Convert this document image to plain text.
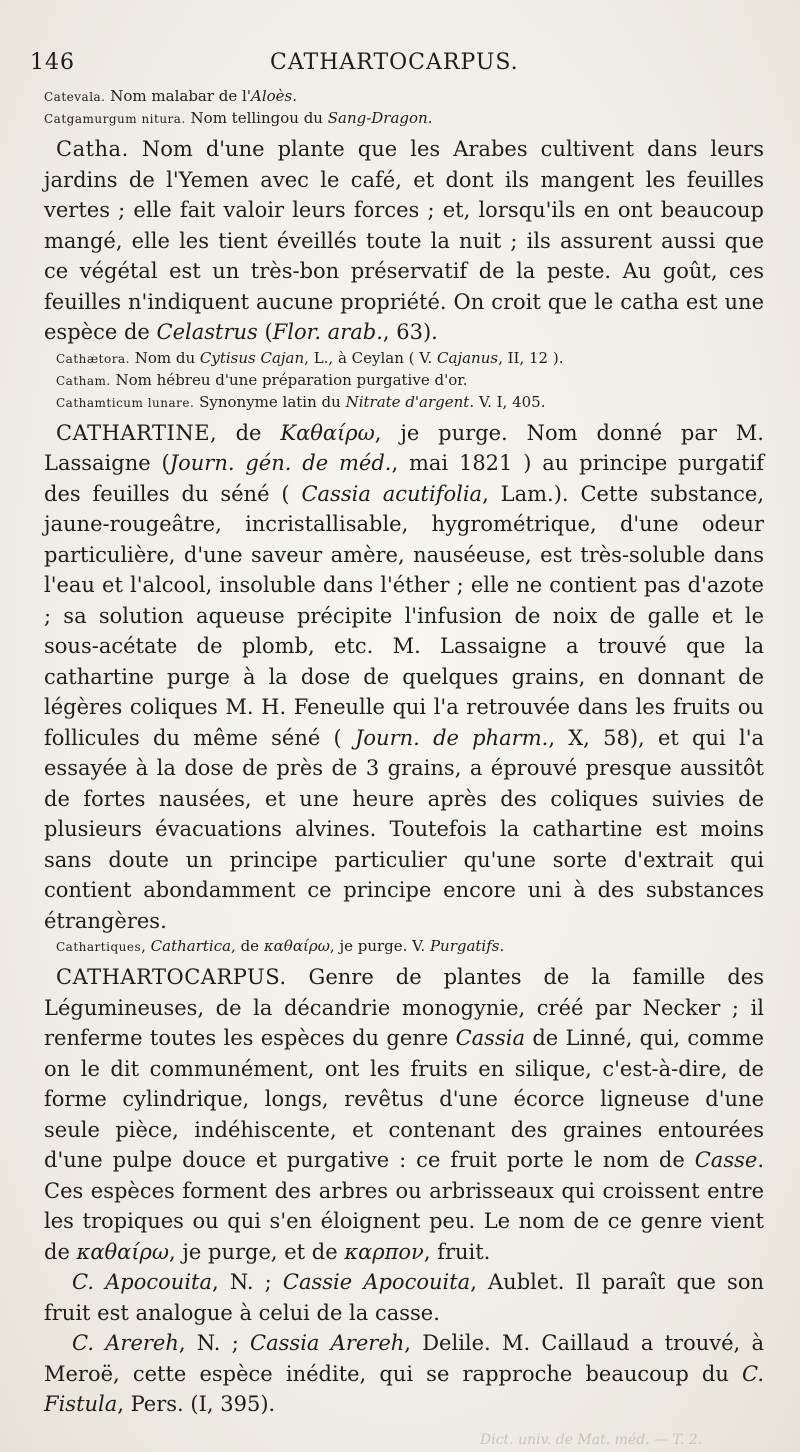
146	CATHARTOCARPUS.

Catevala. Nom malabar de l'Aloès.

Catgamurgum nitura. Nom tellingou du Sang-Dragon.

Catha. Nom d'une plante que les Arabes cultivent dans leurs jardins de l'Yemen avec le café, et dont ils mangent les feuilles vertes ; elle fait valoir leurs forces ; et, lorsqu'ils en ont beaucoup mangé, elle les tient éveillés toute la nuit ; ils assurent aussi que ce végétal est un très-bon préservatif de la peste. Au goût, ces feuilles n'indiquent aucune propriété. On croit que le catha est une espèce de Celastrus (Flor. arab., 63).

Cathætora. Nom du Cytisus Cajan, L., à Ceylan ( V. Cajanus, II, 12 ).

Catham. Nom hébreu d'une préparation purgative d'or.

Cathamticum lunare. Synonyme latin du Nitrate d'argent. V. I, 405.

CATHARTINE, de Καθαίρω, je purge. Nom donné par M. Lassaigne (Journ. gén. de méd., mai 1821 ) au principe purgatif des feuilles du séné ( Cassia acutifolia, Lam.). Cette substance, jaune-rougeâtre, incristallisable, hygrométrique, d'une odeur particulière, d'une saveur amère, nauséeuse, est très-soluble dans l'eau et l'alcool, insoluble dans l'éther ; elle ne contient pas d'azote ; sa solution aqueuse précipite l'infusion de noix de galle et le sous-acétate de plomb, etc. M. Lassaigne a trouvé que la cathartine purge à la dose de quelques grains, en donnant de légères coliques M. H. Feneulle qui l'a retrouvée dans les fruits ou follicules du même séné ( Journ. de pharm., X, 58), et qui l'a essayée à la dose de près de 3 grains, a éprouvé presque aussitôt de fortes nausées, et une heure après des coliques suivies de plusieurs évacuations alvines. Toutefois la cathartine est moins sans doute un principe particulier qu'une sorte d'extrait qui contient abondamment ce principe encore uni à des substances étrangères.

Cathartiques, Cathartica, de καθαίρω, je purge. V. Purgatifs.

CATHARTOCARPUS. Genre de plantes de la famille des Légumineuses, de la décandrie monogynie, créé par Necker ; il renferme toutes les espèces du genre Cassia de Linné, qui, comme on le dit communément, ont les fruits en silique, c'est-à-dire, de forme cylindrique, longs, revêtus d'une écorce ligneuse d'une seule pièce, indéhiscente, et contenant des graines entourées d'une pulpe douce et purgative : ce fruit porte le nom de Casse. Ces espèces forment des arbres ou arbrisseaux qui croissent entre les tropiques ou qui s'en éloignent peu. Le nom de ce genre vient de καθαίρω, je purge, et de καρπον, fruit.

C. Apocouita, N. ; Cassie Apocouita, Aublet. Il paraît que son fruit est analogue à celui de la casse.

C. Arereh, N. ; Cassia Arereh, Delile. M. Caillaud a trouvé, à Meroë, cette espèce inédite, qui se rapproche beaucoup du C. Fistula, Pers. (I, 395).

Dict. univ. de Mat. méd. — T. 2.
